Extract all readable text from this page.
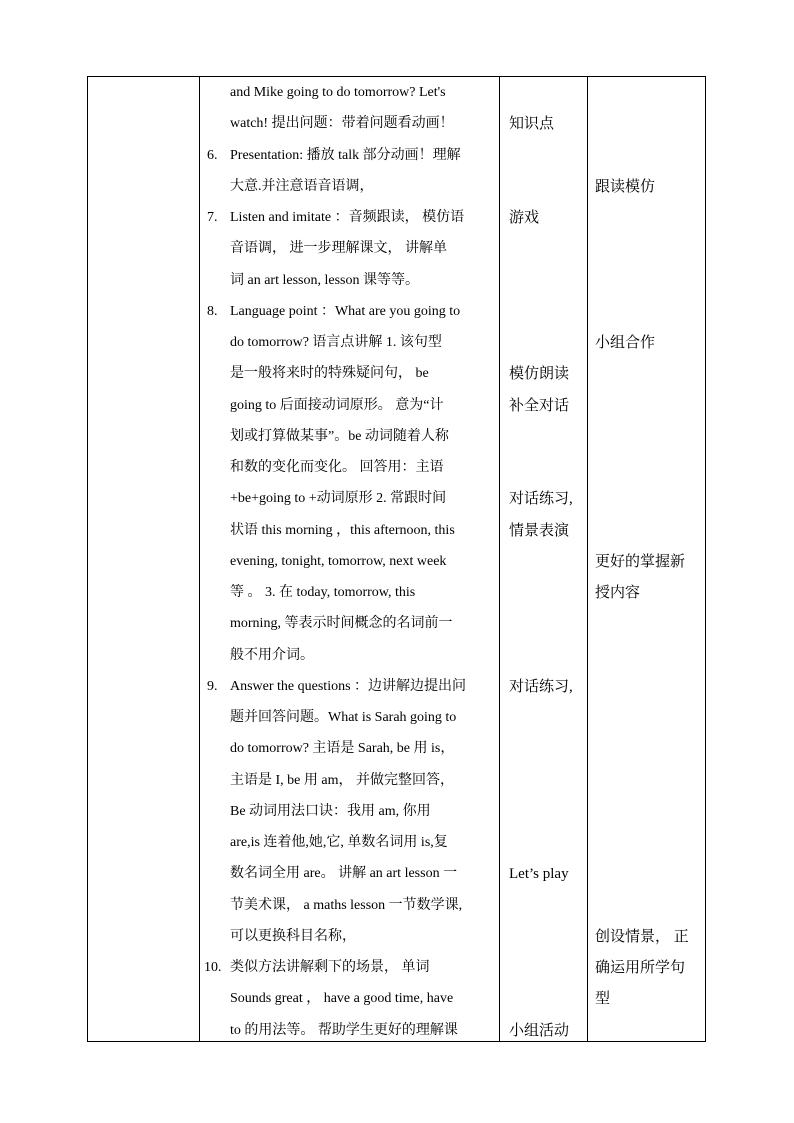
and Mike going to do tomorrow? Let's
watch! 提出问题：带着问题看动画！
Presentation: 播放 talk 部分动画！理解
大意.并注意语音语调，
Listen and imitate ：音频跟读， 模仿语
音语调， 进一步理解课文， 讲解单
词 an art lesson, lesson 课等等。
Language point ：What are you going to
do tomorrow? 语言点讲解 1. 该句型
是一般将来时的特殊疑问句， be
going to 后面接动词原形。 意为“计
划或打算做某事”。be 动词随着人称
和数的变化而变化。 回答用：主语
+be+going to +动词原形 2. 常跟时间
状语 this morning ，this afternoon, this
evening, tonight, tomorrow, next week
等 。 3. 在 today, tomorrow, this
morning, 等表示时间概念的名词前一
般不用介词。
Answer the questions ：边讲解边提出问
题并回答问题。What is Sarah going to
do tomorrow? 主语是 Sarah, be 用 is，
主语是 I, be 用 am， 并做完整回答，
Be 动词用法口诀：我用 am, 你用
are,is 连着他,她,它, 单数名词用 is,复
数名词全用 are。 讲解 an art lesson 一
节美术课， a maths lesson 一节数学课,
可以更换科目名称，
类似方法讲解剩下的场景， 单词
Sounds great ， have a good time, have
to 的用法等。 帮助学生更好的理解课
6.
7.
8.
9.
10.
知识点
游戏
模仿朗读
补全对话
对话练习,
情景表演
对话练习,
Let’s play
小组活动
跟读模仿
小组合作
更好的掌握新
授内容
创设情景， 正
确运用所学句
型
